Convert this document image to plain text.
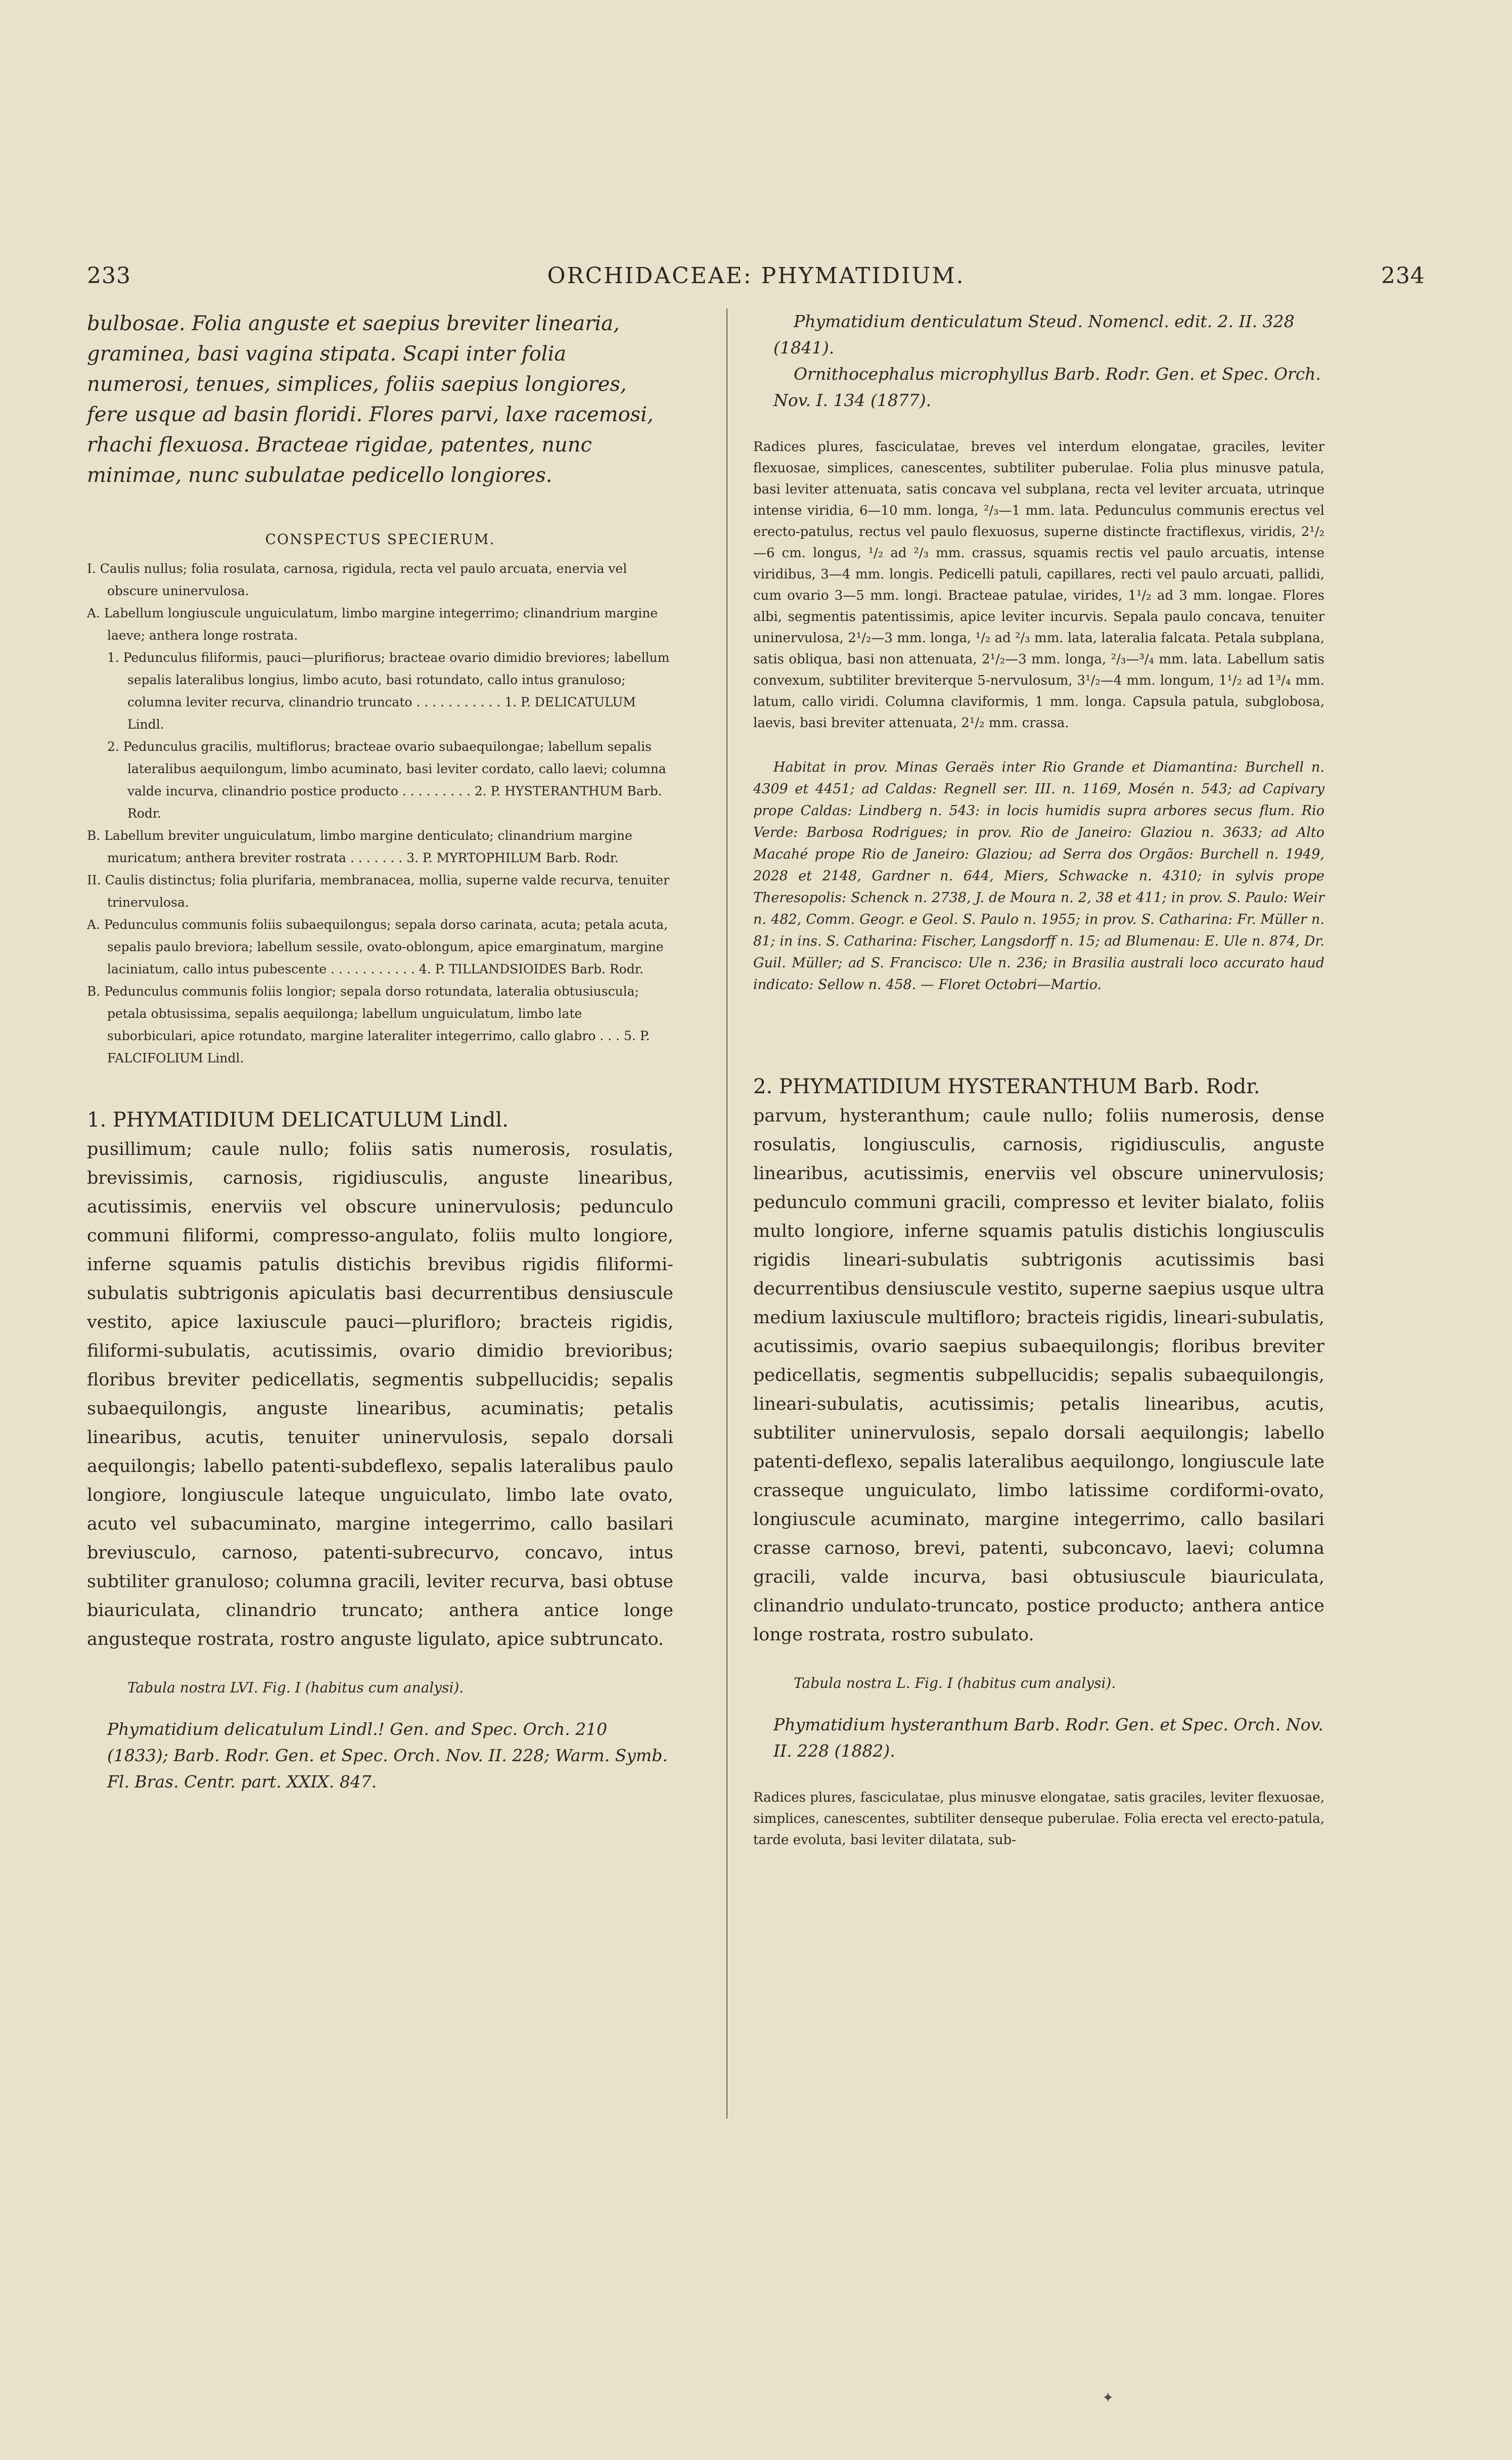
233	ORCHIDACEAE: PHYMATIDIUM.	234

bulbosae. Folia anguste et saepius breviter linearia, graminea, basi vagina stipata. Scapi inter folia numerosi, tenues, simplices, foliis saepius longiores, fere usque ad basin floridi. Flores parvi, laxe racemosi, rhachi flexuosa. Bracteae rigidae, patentes, nunc minimae, nunc subulatae pedicello longiores.

CONSPECTUS SPECIERUM.

I. Caulis nullus; folia rosulata, carnosa, rigidula, recta vel paulo arcuata, enervia vel obscure uninervulosa.

A. Labellum longiuscule unguiculatum, limbo margine integerrimo; clinandrium margine laeve; anthera longe rostrata.

1. Pedunculus filiformis, pauci—plurifiorus; bracteae ovario dimidio breviores; labellum sepalis lateralibus longius, limbo acuto, basi rotundato, callo intus granuloso; columna leviter recurva, clinandrio truncato . . . . . . . . . . . 1. P. DELICATULUM Lindl.

2. Pedunculus gracilis, multiflorus; bracteae ovario subaequilongae; labellum sepalis lateralibus aequilongum, limbo acuminato, basi leviter cordato, callo laevi; columna valde incurva, clinandrio postice producto . . . . . . . . . 2. P. HYSTERANTHUM Barb. Rodr.

B. Labellum breviter unguiculatum, limbo margine denticulato; clinandrium margine muricatum; anthera breviter rostrata . . . . . . . 3. P. MYRTOPHILUM Barb. Rodr.

II. Caulis distinctus; folia plurifaria, membranacea, mollia, superne valde recurva, tenuiter trinervulosa.

A. Pedunculus communis foliis subaequilongus; sepala dorso carinata, acuta; petala acuta, sepalis paulo breviora; labellum sessile, ovato-oblongum, apice emarginatum, margine laciniatum, callo intus pubescente . . . . . . . . . . . 4. P. TILLANDSIOIDES Barb. Rodr.

B. Pedunculus communis foliis longior; sepala dorso rotundata, lateralia obtusiuscula; petala obtusissima, sepalis aequilonga; labellum unguiculatum, limbo late suborbiculari, apice rotundato, margine lateraliter integerrimo, callo glabro . . . 5. P. FALCIFOLIUM Lindl.

1. PHYMATIDIUM DELICATULUM Lindl.

pusillimum; caule nullo; foliis satis numerosis, rosulatis, brevissimis, carnosis, rigidiusculis, anguste linearibus, acutissimis, enerviis vel obscure uninervulosis; pedunculo communi filiformi, compresso-angulato, foliis multo longiore, inferne squamis patulis distichis brevibus rigidis filiformi-subulatis subtrigonis apiculatis basi decurrentibus densiuscule vestito, apice laxiuscule pauci—plurifloro; bracteis rigidis, filiformi-subulatis, acutissimis, ovario dimidio brevioribus; floribus breviter pedicellatis, segmentis subpellucidis; sepalis subaequilongis, anguste linearibus, acuminatis; petalis linearibus, acutis, tenuiter uninervulosis, sepalo dorsali aequilongis; labello patenti-subdeflexo, sepalis lateralibus paulo longiore, longiuscule lateque unguiculato, limbo late ovato, acuto vel subacuminato, margine integerrimo, callo basilari breviusculo, carnoso, patenti-subrecurvo, concavo, intus subtiliter granuloso; columna gracili, leviter recurva, basi obtuse biauriculata, clinandrio truncato; anthera antice longe angusteque rostrata, rostro anguste ligulato, apice subtruncato.

Tabula nostra LVI. Fig. I (habitus cum analysi).
Phymatidium delicatulum Lindl.! Gen. and Spec. Orch. 210 (1833); Barb. Rodr. Gen. et Spec. Orch. Nov. II. 228; Warm. Symb. Fl. Bras. Centr. part. XXIX. 847.

Phymatidium denticulatum Steud. Nomencl. edit. 2. II. 328 (1841).

Ornithocephalus microphyllus Barb. Rodr. Gen. et Spec. Orch. Nov. I. 134 (1877).

Radices plures, fasciculatae, breves vel interdum elongatae, graciles, leviter flexuosae, simplices, canescentes, subtiliter puberulae. Folia plus minusve patula, basi leviter attenuata, satis concava vel subplana, recta vel leviter arcuata, utrinque intense viridia, 6—10 mm. longa, ²/₃—1 mm. lata. Pedunculus communis erectus vel erecto-patulus, rectus vel paulo flexuosus, superne distincte fractiflexus, viridis, 2¹/₂—6 cm. longus, ¹/₂ ad ²/₃ mm. crassus, squamis rectis vel paulo arcuatis, intense viridibus, 3—4 mm. longis. Pedicelli patuli, capillares, recti vel paulo arcuati, pallidi, cum ovario 3—5 mm. longi. Bracteae patulae, virides, 1¹/₂ ad 3 mm. longae. Flores albi, segmentis patentissimis, apice leviter incurvis. Sepala paulo concava, tenuiter uninervulosa, 2¹/₂—3 mm. longa, ¹/₂ ad ²/₃ mm. lata, lateralia falcata. Petala subplana, satis obliqua, basi non attenuata, 2¹/₂—3 mm. longa, ²/₃—³/₄ mm. lata. Labellum satis convexum, subtiliter breviterque 5-nervulosum, 3¹/₂—4 mm. longum, 1¹/₂ ad 1³/₄ mm. latum, callo viridi. Columna claviformis, 1 mm. longa. Capsula patula, subglobosa, laevis, basi breviter attenuata, 2¹/₂ mm. crassa.

Habitat in prov. Minas Geraës inter Rio Grande et Diamantina: Burchell n. 4309 et 4451; ad Caldas: Regnell ser. III. n. 1169, Mosén n. 543; ad Capivary prope Caldas: Lindberg n. 543: in locis humidis supra arbores secus flum. Rio Verde: Barbosa Rodrigues; in prov. Rio de Janeiro: Glaziou n. 3633; ad Alto Macahé prope Rio de Janeiro: Glaziou; ad Serra dos Orgãos: Burchell n. 1949, 2028 et 2148, Gardner n. 644, Miers, Schwacke n. 4310; in sylvis prope Theresopolis: Schenck n. 2738, J. de Moura n. 2, 38 et 411; in prov. S. Paulo: Weir n. 482, Comm. Geogr. e Geol. S. Paulo n. 1955; in prov. S. Catharina: Fr. Müller n. 81; in ins. S. Catharina: Fischer, Langsdorff n. 15; ad Blumenau: E. Ule n. 874, Dr. Guil. Müller; ad S. Francisco: Ule n. 236; in Brasilia australi loco accurato haud indicato: Sellow n. 458. — Floret Octobri—Martio.

2. PHYMATIDIUM HYSTERANTHUM Barb. Rodr.

parvum, hysteranthum; caule nullo; foliis numerosis, dense rosulatis, longiusculis, carnosis, rigidiusculis, anguste linearibus, acutissimis, enerviis vel obscure uninervulosis; pedunculo communi gracili, compresso et leviter bialato, foliis multo longiore, inferne squamis patulis distichis longiusculis rigidis lineari-subulatis subtrigonis acutissimis basi decurrentibus densiuscule vestito, superne saepius usque ultra medium laxiuscule multifloro; bracteis rigidis, lineari-subulatis, acutissimis, ovario saepius subaequilongis; floribus breviter pedicellatis, segmentis subpellucidis; sepalis subaequilongis, lineari-subulatis, acutissimis; petalis linearibus, acutis, subtiliter uninervulosis, sepalo dorsali aequilongis; labello patenti-deflexo, sepalis lateralibus aequilongo, longiuscule late crasseque unguiculato, limbo latissime cordiformi-ovato, longiuscule acuminato, margine integerrimo, callo basilari crasse carnoso, brevi, patenti, subconcavo, laevi; columna gracili, valde incurva, basi obtusiuscule biauriculata, clinandrio undulato-truncato, postice producto; anthera antice longe rostrata, rostro subulato.

Tabula nostra L. Fig. I (habitus cum analysi).
Phymatidium hysteranthum Barb. Rodr. Gen. et Spec. Orch. Nov. II. 228 (1882).

Radices plures, fasciculatae, plus minusve elongatae, satis graciles, leviter flexuosae, simplices, canescentes, subtiliter denseque puberulae. Folia erecta vel erecto-patula, tarde evoluta, basi leviter dilatata, sub-

✦
